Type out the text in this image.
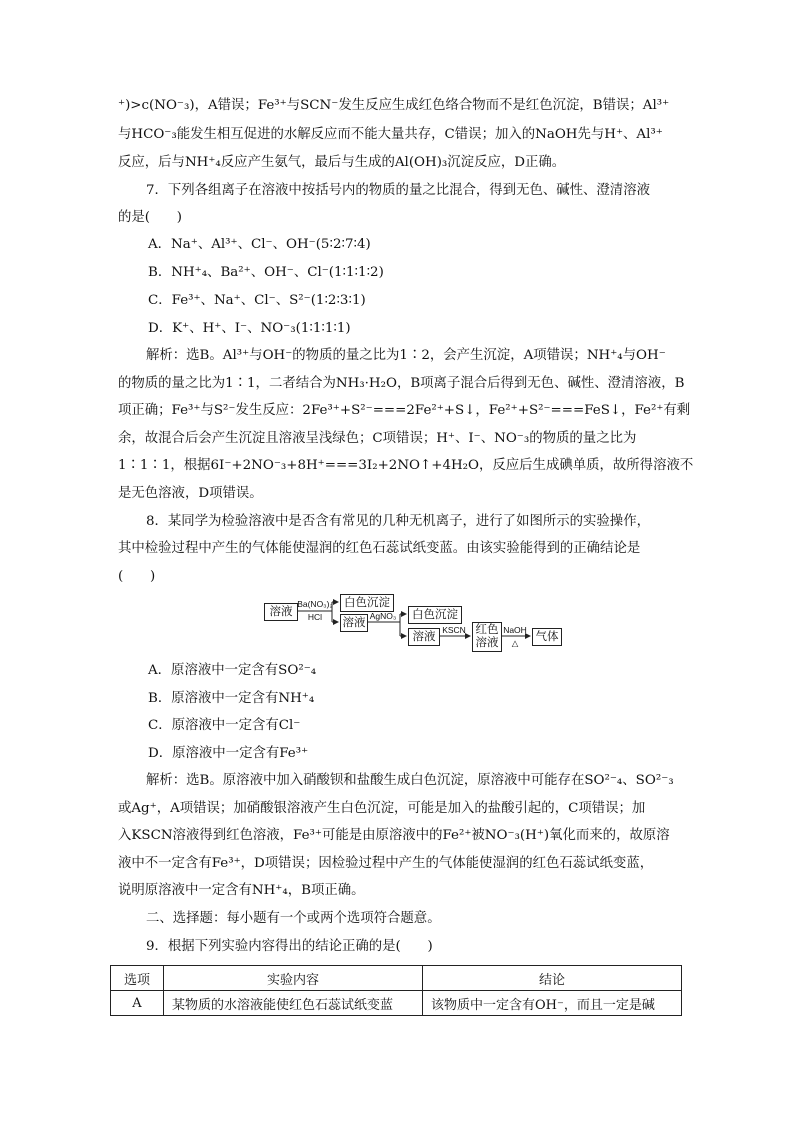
⁺)>c(NO⁻₃)，A错误；Fe³⁺与SCN⁻发生反应生成红色络合物而不是红色沉淀，B错误；Al³⁺
与HCO⁻₃能发生相互促进的水解反应而不能大量共存，C错误；加入的NaOH先与H⁺、Al³⁺
反应，后与NH⁺₄反应产生氨气，最后与生成的Al(OH)₃沉淀反应，D正确。
7．下列各组离子在溶液中按括号内的物质的量之比混合，得到无色、碱性、澄清溶液
的是(　　)
A．Na⁺、Al³⁺、Cl⁻、OH⁻(5∶2∶7∶4)
B．NH⁺₄、Ba²⁺、OH⁻、Cl⁻(1∶1∶1∶2)
C．Fe³⁺、Na⁺、Cl⁻、S²⁻(1∶2∶3∶1)
D．K⁺、H⁺、I⁻、NO⁻₃(1∶1∶1∶1)
解析：选B。Al³⁺与OH⁻的物质的量之比为1∶2，会产生沉淀，A项错误；NH⁺₄与OH⁻
的物质的量之比为1∶1，二者结合为NH₃·H₂O，B项离子混合后得到无色、碱性、澄清溶液，B
项正确；Fe³⁺与S²⁻发生反应：2Fe³⁺+S²⁻===2Fe²⁺+S↓，Fe²⁺+S²⁻===FeS↓，Fe²⁺有剩
余，故混合后会产生沉淀且溶液呈浅绿色；C项错误；H⁺、I⁻、NO⁻₃的物质的量之比为
1∶1∶1，根据6I⁻+2NO⁻₃+8H⁺===3I₂+2NO↑+4H₂O，反应后生成碘单质，故所得溶液不
是无色溶液，D项错误。
8．某同学为检验溶液中是否含有常见的几种无机离子，进行了如图所示的实验操作，
其中检验过程中产生的气体能使湿润的红色石蕊试纸变蓝。由该实验能得到的正确结论是
(　　)
溶液 Ba(NO₃)₂
HCl
白色沉淀
溶液 AgNO₃	白色沉淀
溶液 KSCN 红色
溶液
NaOH
△	气体
A．原溶液中一定含有SO²⁻₄
B．原溶液中一定含有NH⁺₄
C．原溶液中一定含有Cl⁻
D．原溶液中一定含有Fe³⁺
解析：选B。原溶液中加入硝酸钡和盐酸生成白色沉淀，原溶液中可能存在SO²⁻₄、SO²⁻₃
或Ag⁺，A项错误；加硝酸银溶液产生白色沉淀，可能是加入的盐酸引起的，C项错误；加
入KSCN溶液得到红色溶液，Fe³⁺可能是由原溶液中的Fe²⁺被NO⁻₃(H⁺)氧化而来的，故原溶
液中不一定含有Fe³⁺，D项错误；因检验过程中产生的气体能使湿润的红色石蕊试纸变蓝，
说明原溶液中一定含有NH⁺₄，B项正确。
二、选择题：每小题有一个或两个选项符合题意。
9．根据下列实验内容得出的结论正确的是(　　)
选项	实验内容	结论
A	某物质的水溶液能使红色石蕊试纸变蓝	该物质中一定含有OH⁻，而且一定是碱
